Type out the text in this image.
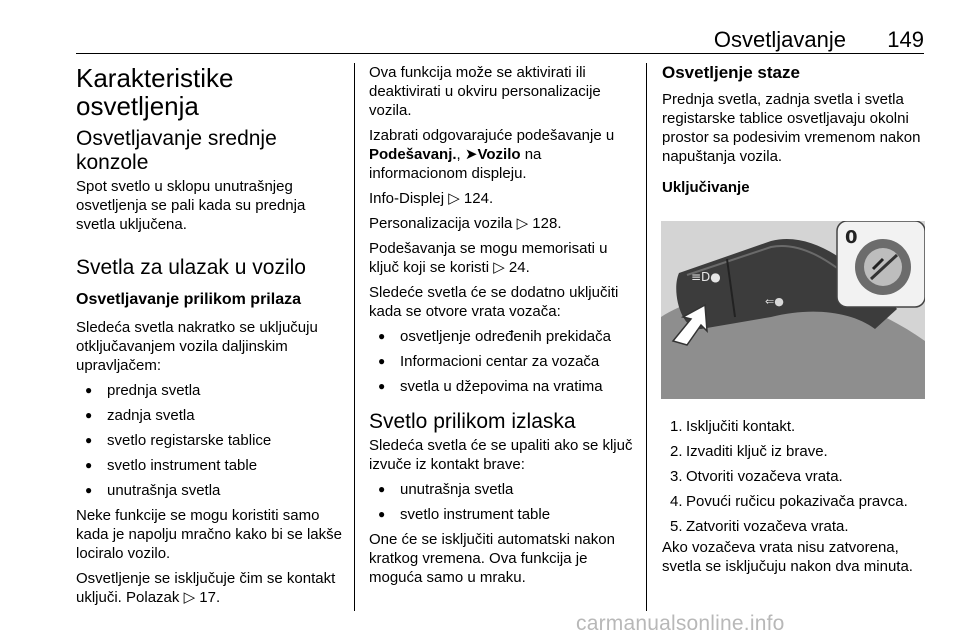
Osvetljavanje 149
Karakteristike osvetljenja
Osvetljavanje srednje konzole

Spot svetlo u sklopu unutrašnjeg osvetljenja se pali kada su prednja svetla uključena.

Svetla za ulazak u vozilo
Osvetljavanje prilikom prilaza

Sledeća svetla nakratko se uključuju otključavanjem vozila daljinskim upravljačem:

● prednja svetla
● zadnja svetla
● svetlo registarske tablice
● svetlo instrument table
● unutrašnja svetla

Neke funkcije se mogu koristiti samo kada je napolju mračno kako bi se lakše lociralo vozilo.

Osvetljenje se isključuje čim se kontakt uključi. Polazak ▷ 17.

Ova funkcija može se aktivirati ili deaktivirati u okviru personalizacije vozila.

Izabrati odgovarajuće podešavanje u Podešavanj., ➤Vozilo na informacionom displeju.

Info-Displej ▷ 124.

Personalizacija vozila ▷ 128.

Podešavanja se mogu memorisati u ključ koji se koristi ▷ 24.

Sledeće svetla će se dodatno uključiti kada se otvore vrata vozača:

● osvetljenje određenih prekidača
● Informacioni centar za vozača
● svetla u džepovima na vratima
Svetlo prilikom izlaska

Sledeća svetla će se upaliti ako se ključ izvuče iz kontakt brave:

● unutrašnja svetla
● svetlo instrument table

One će se isključiti automatski nakon kratkog vremena. Ova funkcija je moguća samo u mraku.

Osvetljenje staze

Prednja svetla, zadnja svetla i svetla registarske tablice osvetljavaju okolni prostor sa podesivim vremenom nakon napuštanja vozila.

Uključivanje
≡D●
⇐●
0
1. Isključiti kontakt.
2. Izvaditi ključ iz brave.
3. Otvoriti vozačeva vrata.
4. Povući ručicu pokazivača pravca.
5. Zatvoriti vozačeva vrata.

Ako vozačeva vrata nisu zatvorena, svetla se isključuju nakon dva minuta.

carmanualsonline.info
